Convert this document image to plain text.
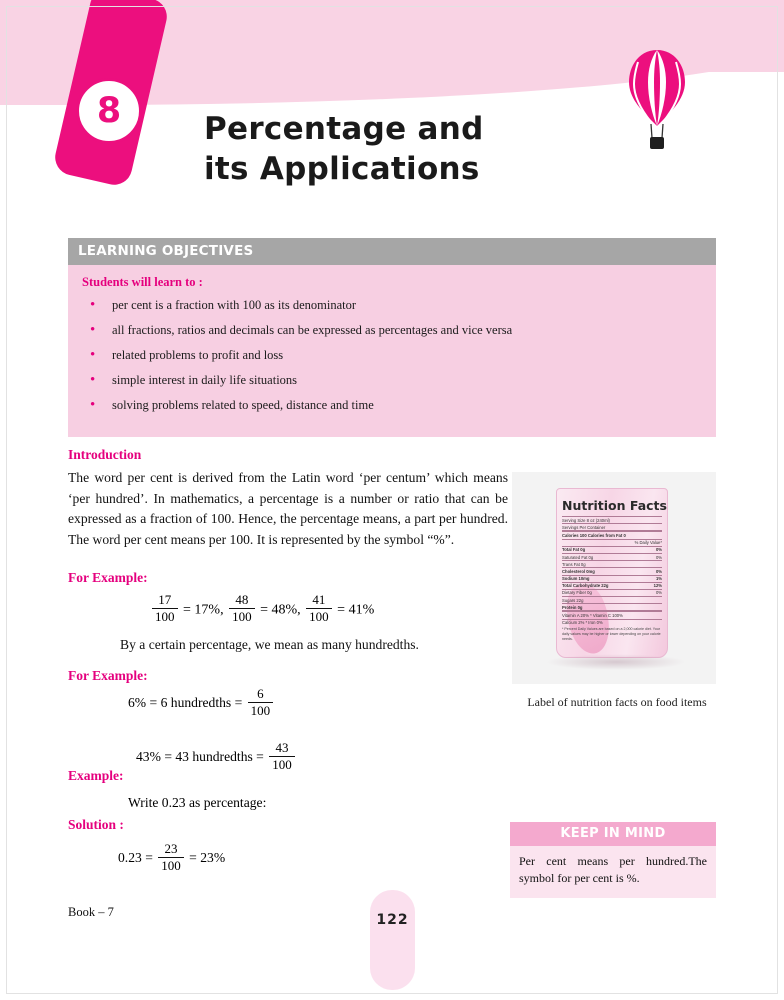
8	Percentage and
its Applications
LEARNING OBJECTIVES
Students will learn to :
• per cent is a fraction with 100 as its denominator
• all fractions, ratios and decimals can be expressed as percentages and vice versa
• related problems to profit and loss
• simple interest in daily life situations
• solving problems related to speed, distance and time
Introduction
The word per cent is derived from the Latin word ‘per centum’ which means ‘per hundred’. In mathematics, a percentage is a number or ratio that can be expressed as a fraction of 100. Hence, the percentage means, a part per hundred. The word per cent means per 100. It is represented by the symbol “%”.
For Example:
$\frac{17}{100} = 17\%$, $\frac{48}{100} = 48\%$, $\frac{41}{100} = 41\%$
By a certain percentage, we mean as many hundredths.
For Example:
6% = 6 hundredths = $\frac{6}{100}$
43% = 43 hundredths = $\frac{43}{100}$
Example:
Write 0.23 as percentage:
Solution :
$0.23 = \frac{23}{100} = 23\%$
Nutrition Facts
Serving Size 8 oz (240ml)
Servings Per Container
Calories 100 Calories from Fat 0
% Daily Value*
Total Fat 0g	0%
Saturated Fat 0g	0%
Trans Fat 0g
Cholesterol 0mg	0%
Sodium 10mg	1%
Total Carbohydrate 22g	12%
Dietary Fiber 0g	0%
Sugars 22g
Protein 0g
Vitamin A 20% * Vitamin C 100%
Calcium 2% * Iron 0%
* Percent Daily Values are based on a 2,000 calorie diet. Your daily values may be higher or lower depending on your calorie needs.
Label of nutrition facts on food items
KEEP IN MIND
Per cent means per hundred.The symbol for per cent is %.
Book – 7	122
